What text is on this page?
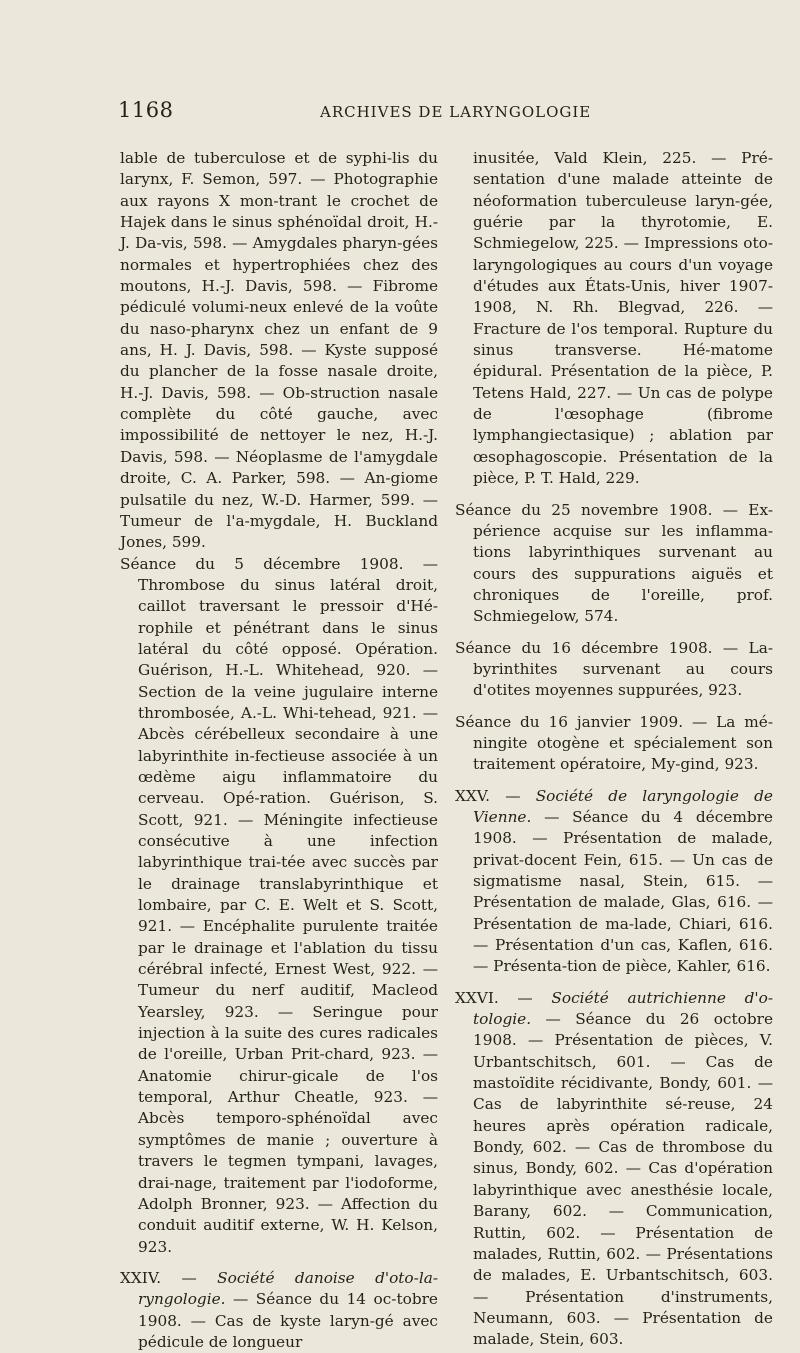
1168	ARCHIVES DE LARYNGOLOGIE

lable de tuberculose et de syphi-lis du larynx, F. Semon, 597. — Photographie aux rayons X mon-trant le crochet de Hajek dans le sinus sphénoïdal droit, H.-J. Da-vis, 598. — Amygdales pharyn-gées normales et hypertrophiées chez des moutons, H.-J. Davis, 598. — Fibrome pédiculé volumi-neux enlevé de la voûte du naso-pharynx chez un enfant de 9 ans, H. J. Davis, 598. — Kyste supposé du plancher de la fosse nasale droite, H.-J. Davis, 598. — Ob-struction nasale complète du côté gauche, avec impossibilité de nettoyer le nez, H.-J. Davis, 598. — Néoplasme de l'amygdale droite, C. A. Parker, 598. — An-giome pulsatile du nez, W.-D. Harmer, 599. — Tumeur de l'a-mygdale, H. Buckland Jones, 599.

Séance du 5 décembre 1908. — Thrombose du sinus latéral droit, caillot traversant le pressoir d'Hé-rophile et pénétrant dans le sinus latéral du côté opposé. Opération. Guérison, H.-L. Whitehead, 920. — Section de la veine jugulaire interne thrombosée, A.-L. Whi-tehead, 921. — Abcès cérébelleux secondaire à une labyrinthite in-fectieuse associée à un œdème aigu inflammatoire du cerveau. Opé-ration. Guérison, S. Scott, 921. — Méningite infectieuse consécutive à une infection labyrinthique trai-tée avec succès par le drainage translabyrinthique et lombaire, par C. E. Welt et S. Scott, 921. — Encéphalite purulente traitée par le drainage et l'ablation du tissu cérébral infecté, Ernest West, 922. — Tumeur du nerf auditif, Macleod Yearsley, 923. — Seringue pour injection à la suite des cures radicales de l'oreille, Urban Prit-chard, 923. — Anatomie chirur-gicale de l'os temporal, Arthur Cheatle, 923. — Abcès temporo-sphénoïdal avec symptômes de manie ; ouverture à travers le tegmen tympani, lavages, drai-nage, traitement par l'iodoforme, Adolph Bronner, 923. — Affection du conduit auditif externe, W. H. Kelson, 923.

XXIV. — Société danoise d'oto-la-ryngologie. — Séance du 14 oc-tobre 1908. — Cas de kyste laryn-gé avec pédicule de longueur

inusitée, Vald Klein, 225. — Pré-sentation d'une malade atteinte de néoformation tuberculeuse laryn-gée, guérie par la thyrotomie, E. Schmiegelow, 225. — Impressions oto-laryngologiques au cours d'un voyage d'études aux États-Unis, hiver 1907-1908, N. Rh. Blegvad, 226. — Fracture de l'os temporal. Rupture du sinus transverse. Hé-matome épidural. Présentation de la pièce, P. Tetens Hald, 227. — Un cas de polype de l'œsophage (fibrome lymphangiectasique) ; ablation par œsophagoscopie. Présentation de la pièce, P. T. Hald, 229.

Séance du 25 novembre 1908. — Ex-périence acquise sur les inflamma-tions labyrinthiques survenant au cours des suppurations aiguës et chroniques de l'oreille, prof. Schmiegelow, 574.

Séance du 16 décembre 1908. — La-byrinthites survenant au cours d'otites moyennes suppurées, 923.

Séance du 16 janvier 1909. — La mé-ningite otogène et spécialement son traitement opératoire, My-gind, 923.

XXV. — Société de laryngologie de Vienne. — Séance du 4 décembre 1908. — Présentation de malade, privat-docent Fein, 615. — Un cas de sigmatisme nasal, Stein, 615. — Présentation de malade, Glas, 616. — Présentation de ma-lade, Chiari, 616. — Présentation d'un cas, Kaflen, 616. — Présenta-tion de pièce, Kahler, 616.

XXVI. — Société autrichienne d'o-tologie. — Séance du 26 octobre 1908. — Présentation de pièces, V. Urbantschitsch, 601. — Cas de mastoïdite récidivante, Bondy, 601. — Cas de labyrinthite sé-reuse, 24 heures après opération radicale, Bondy, 602. — Cas de thrombose du sinus, Bondy, 602. — Cas d'opération labyrinthique avec anesthésie locale, Barany, 602. — Communication, Ruttin, 602. — Présentation de malades, Ruttin, 602. — Présentations de malades, E. Urbantschitsch, 603. — Présentation d'instruments, Neumann, 603. — Présentation de malade, Stein, 603.
